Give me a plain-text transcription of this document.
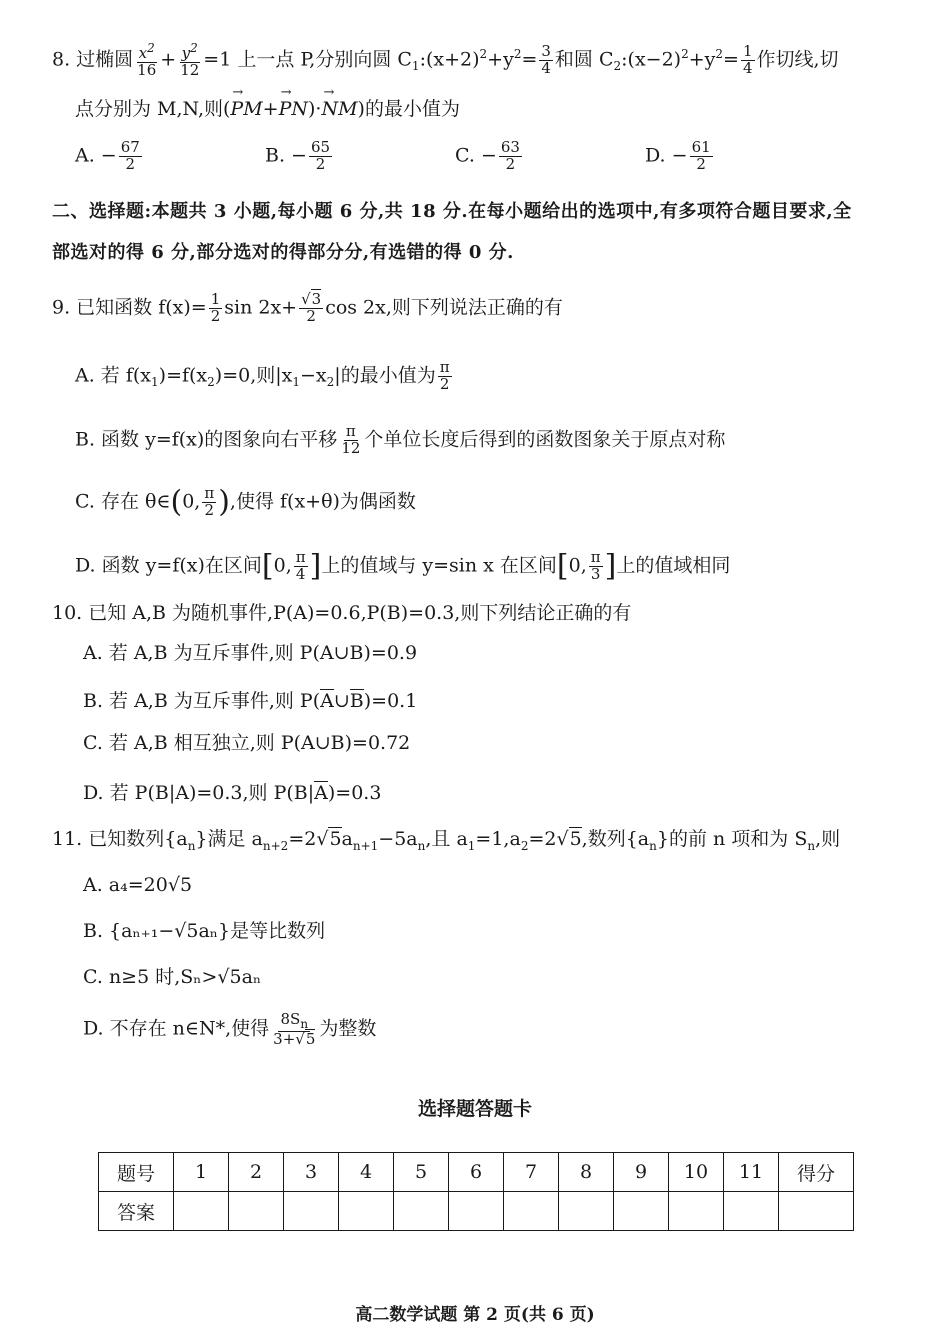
8. 过椭圆 $\frac{x^2}{16} + \frac{y^2}{12} =1$ 上一点 P,分别向圆 $C_1:(x+2)^2+y^2= \frac{3}{4}$ 和圆 $C_2:(x-2)^2+y^2= \frac{1}{4}$ 作切线,切
点分别为 M,N,则(→ PM+→ PN)·→ NM)的最小值为
A. − $\frac{67}{2}$	B. − $\frac{65}{2}$	C. − $\frac{63}{2}$	D. − $\frac{61}{2}$
二、选择题:本题共 3 小题,每小题 6 分,共 18 分.在每小题给出的选项中,有多项符合题目要求,全
部选对的得 6 分,部分选对的得部分分,有选错的得 0 分.
9. 已知函数 $f(x)= \frac{1}{2}$ $\sin 2x+ \frac{√3}{2}$ cos 2x,则下列说法正确的有
A. 若 $f(x_1)=f(x_2)=0$,则$|x_1-x_2|$的最小值为 $\frac{\pi}{2}$
B. 函数 y=f(x)的图象向右平移 $\frac{\pi}{12}$ 个单位长度后得到的函数图象关于原点对称
C. 存在 θ∈(0, $\frac{\pi}{2}$ ),使得 f(x+θ)为偶函数
D. 函数 y=f(x)在区间[0, $\frac{\pi}{4}$ ]上的值域与 y=sin x 在区间[0, $\frac{\pi}{3}$ ]上的值域相同
10. 已知 A,B 为随机事件,P(A)=0.6,P(B)=0.3,则下列结论正确的有
A. 若 A,B 为互斥事件,则 P(A∪B)=0.9
B. 若 A,B 为互斥事件,则 P(A∪B)=0.1
C. 若 A,B 相互独立,则 P(A∪B)=0.72
D. 若 P(B|A)=0.3,则 P(B|A)=0.3
11. 已知数列$\{a_n\}$满足 $a_{n+2}=2√5a_{n+1}-5a_n$,且 $a_1=1,a_2=2√5$,数列$\{a_n\}$的前 n 项和为 $S_n$,则
A. a₄=20√5
B. {aₙ₊₁−√5aₙ}是等比数列
C. n≥5 时,Sₙ>√5aₙ
D. 不存在 n∈N*,使得 $\frac{8S_n}{3+√5}$ 为整数
选择题答题卡
题号	1	2	3	4	5	6	7	8	9	10	11	得分
答案												
高二数学试题 第 2 页(共 6 页)
